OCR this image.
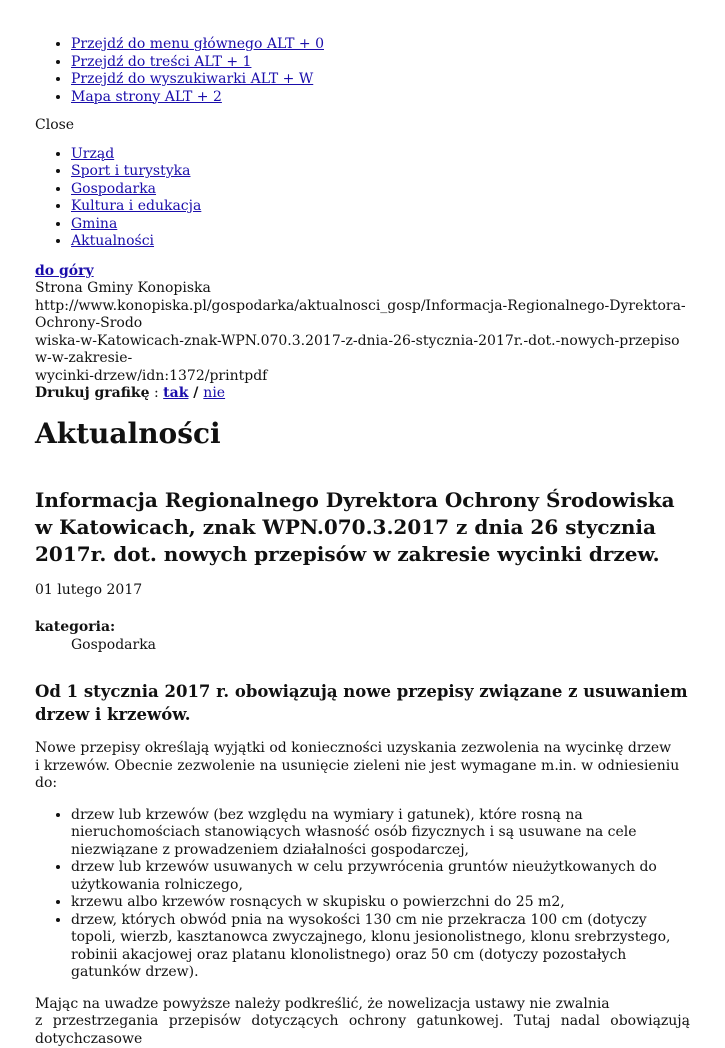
• Przejdź do menu głównego ALT + 0
• Przejdź do treści ALT + 1
• Przejdź do wyszukiwarki ALT + W
• Mapa strony ALT + 2
Close
• Urząd
• Sport i turystyka
• Gospodarka
• Kultura i edukacja
• Gmina
• Aktualności
do góry
Strona Gminy Konopiska
http://www.konopiska.pl/gospodarka/aktualnosci_gosp/Informacja-Regionalnego-Dyrektora-Ochrony-Srodo
wiska-w-Katowicach-znak-WPN.070.3.2017-z-dnia-26-stycznia-2017r.-dot.-nowych-przepisow-w-zakresie-
wycinki-drzew/idn:1372/printpdf
Drukuj grafikę : tak / nie
Aktualności
Informacja Regionalnego Dyrektora Ochrony Środowiska w Katowicach, znak WPN.070.3.2017 z dnia 26 stycznia 2017r. dot. nowych przepisów w zakresie wycinki drzew.
01 lutego 2017
kategoria:
Gospodarka
Od 1 stycznia 2017 r. obowiązują nowe przepisy związane z usuwaniem drzew i krzewów.

Nowe przepisy określają wyjątki od konieczności uzyskania zezwolenia na wycinkę drzew
i krzewów. Obecnie zezwolenie na usunięcie zieleni nie jest wymagane m.in. w odniesieniu do:

• drzew lub krzewów (bez względu na wymiary i gatunek), które rosną na nieruchomościach stanowiących własność osób fizycznych i są usuwane na cele niezwiązane z prowadzeniem działalności gospodarczej,
• drzew lub krzewów usuwanych w celu przywrócenia gruntów nieużytkowanych do użytkowania rolniczego,
• krzewu albo krzewów rosnących w skupisku o powierzchni do 25 m2,
• drzew, których obwód pnia na wysokości 130 cm nie przekracza 100 cm (dotyczy topoli, wierzb, kasztanowca zwyczajnego, klonu jesionolistnego, klonu srebrzystego, robinii akacjowej oraz platanu klonolistnego) oraz 50 cm (dotyczy pozostałych gatunków drzew).

Mając na uwadze powyższe należy podkreślić, że nowelizacja ustawy nie zwalnia

z przestrzegania przepisów dotyczących ochrony gatunkowej. Tutaj nadal obowiązują dotychczasowe
